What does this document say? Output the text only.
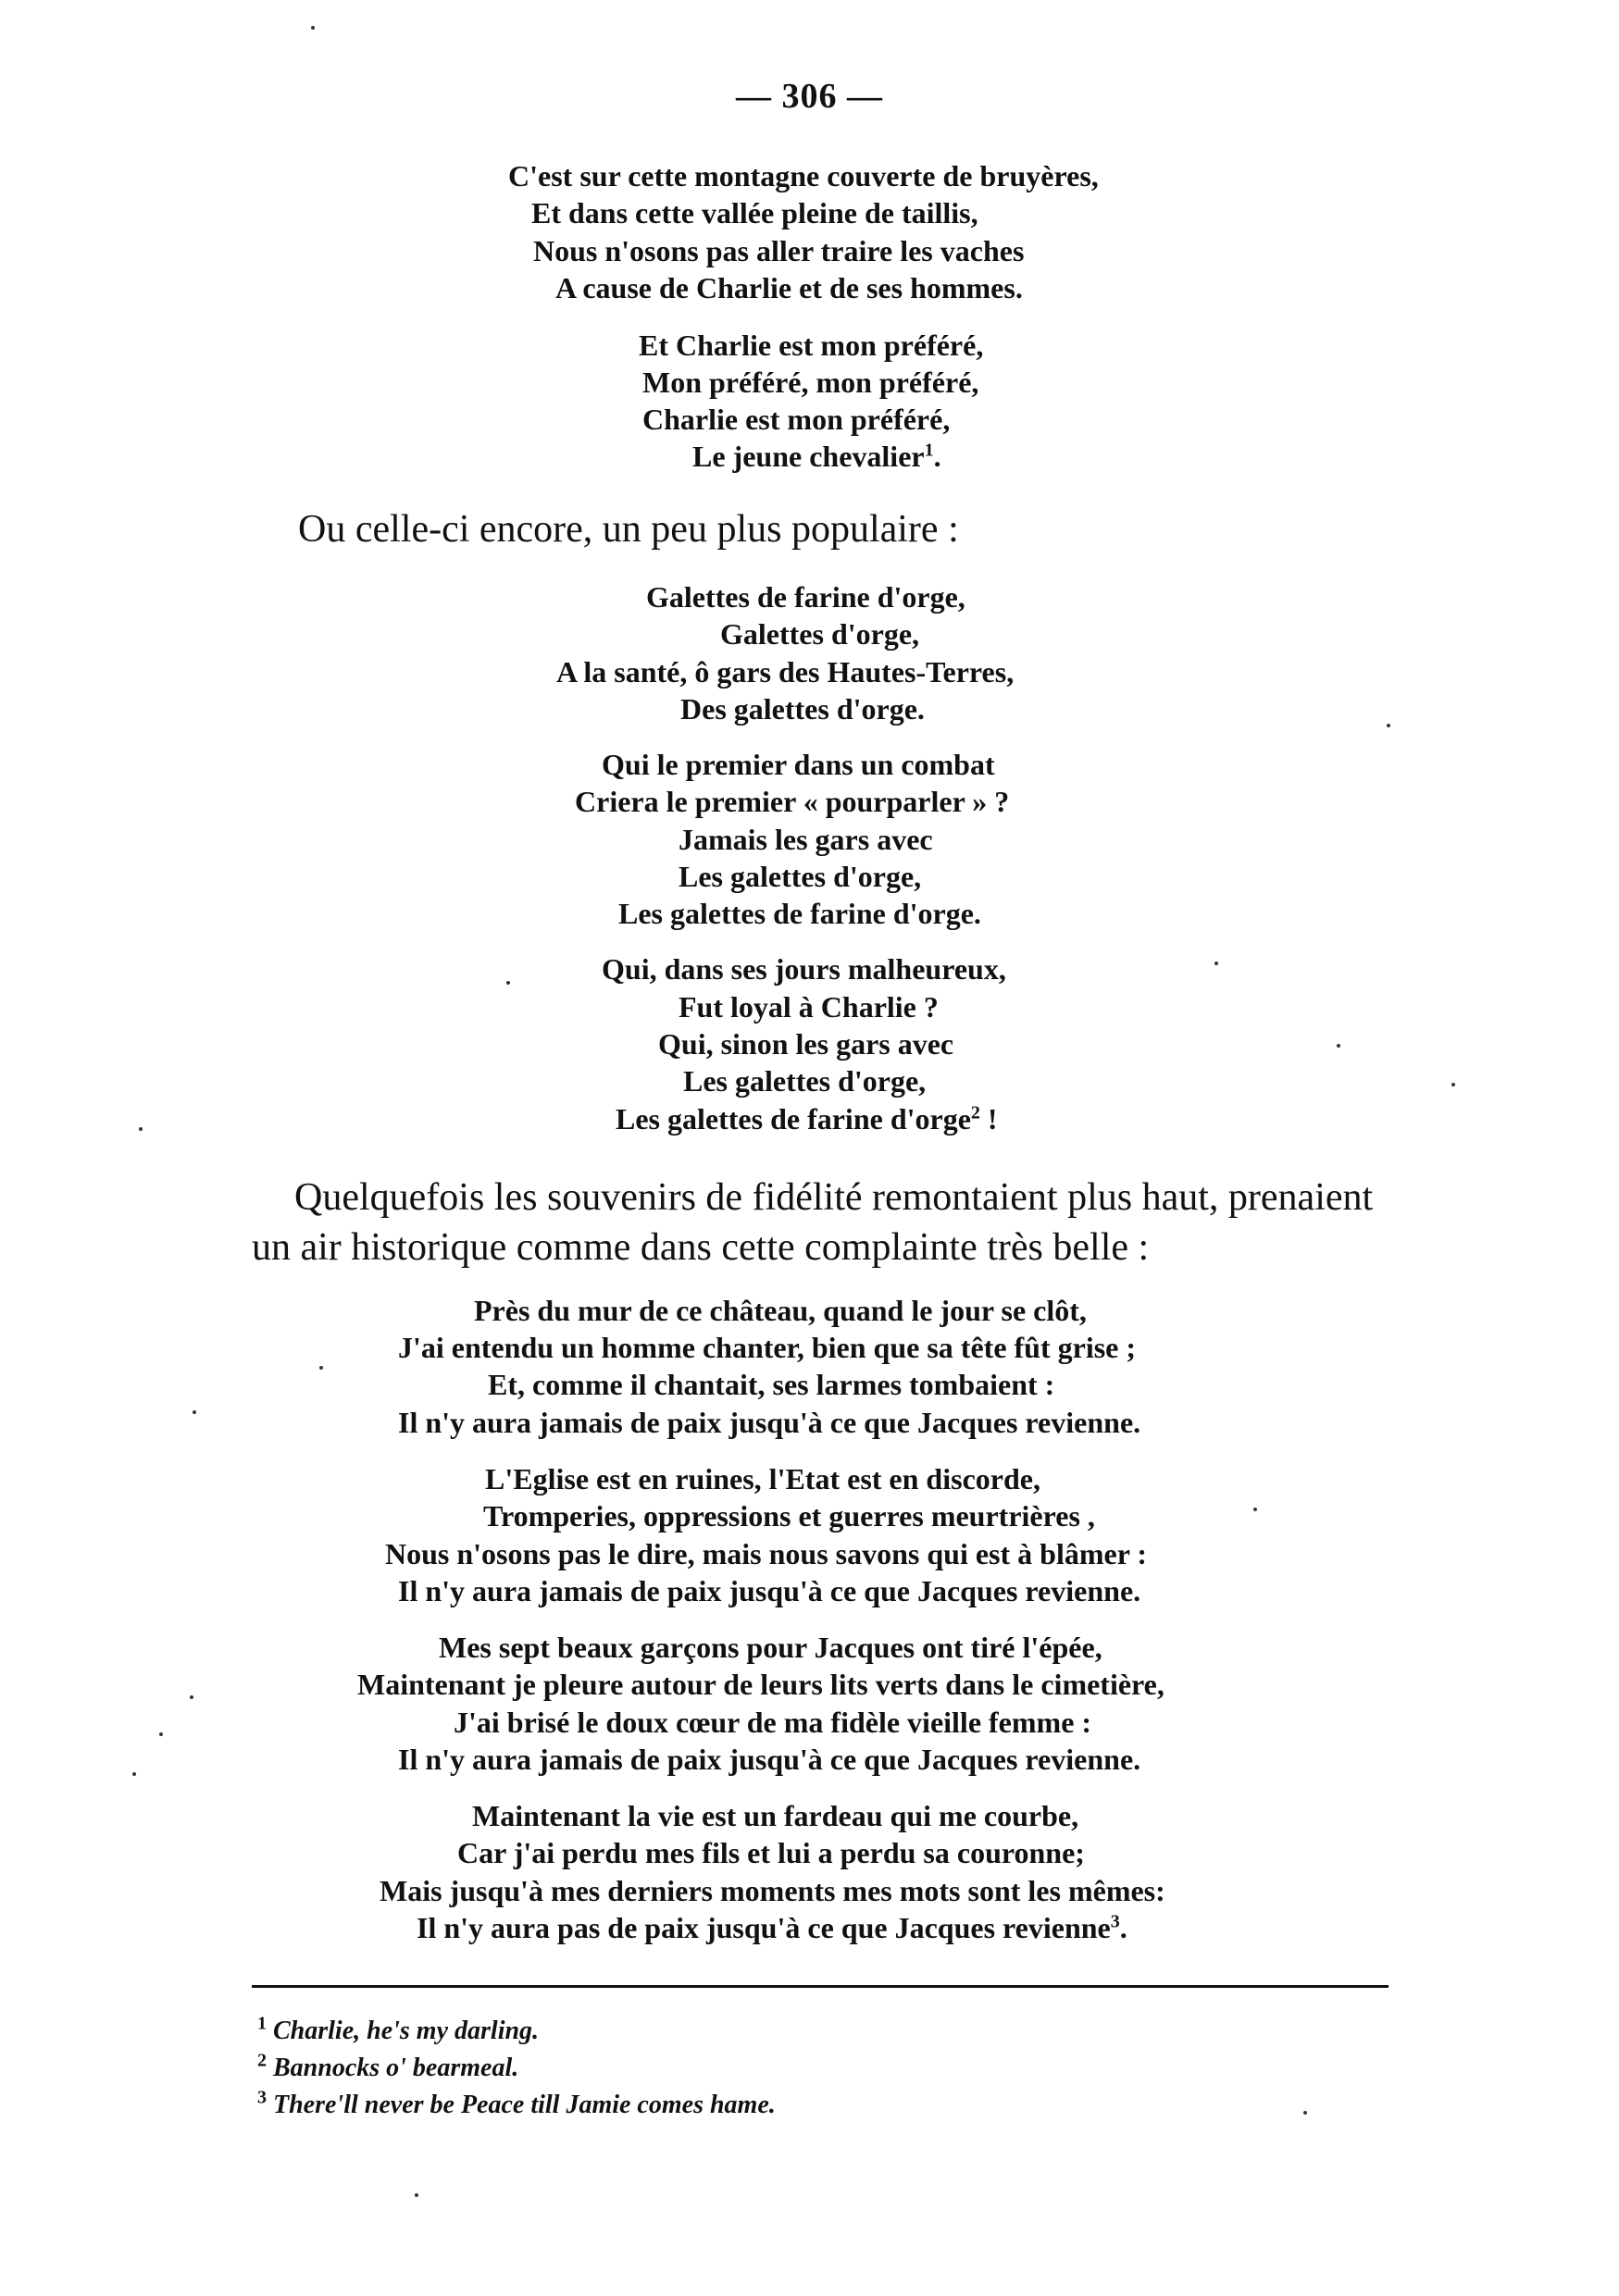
— 306 —
C'est sur cette montagne couverte de bruyères,
Et dans cette vallée pleine de taillis,
Nous n'osons pas aller traire les vaches
A cause de Charlie et de ses hommes.
Et Charlie est mon préféré,
Mon préféré, mon préféré,
Charlie est mon préféré,
Le jeune chevalier$^1$.
Ou celle-ci encore, un peu plus populaire :
Galettes de farine d'orge,
Galettes d'orge,
A la santé, ô gars des Hautes-Terres,
Des galettes d'orge.
Qui le premier dans un combat
Criera le premier « pourparler » ?
Jamais les gars avec
Les galettes d'orge,
Les galettes de farine d'orge.
Qui, dans ses jours malheureux,
Fut loyal à Charlie ?
Qui, sinon les gars avec
Les galettes d'orge,
Les galettes de farine d'orge$^2$ !
Quelquefois les souvenirs de fidélité remontaient plus haut, prenaient
un air historique comme dans cette complainte très belle :
Près du mur de ce château, quand le jour se clôt,
J'ai entendu un homme chanter, bien que sa tête fût grise ;
Et, comme il chantait, ses larmes tombaient :
Il n'y aura jamais de paix jusqu'à ce que Jacques revienne.
L'Eglise est en ruines, l'Etat est en discorde,
Tromperies, oppressions et guerres meurtrières ,
Nous n'osons pas le dire, mais nous savons qui est à blâmer :
Il n'y aura jamais de paix jusqu'à ce que Jacques revienne.
Mes sept beaux garçons pour Jacques ont tiré l'épée,
Maintenant je pleure autour de leurs lits verts dans le cimetière,
J'ai brisé le doux cœur de ma fidèle vieille femme :
Il n'y aura jamais de paix jusqu'à ce que Jacques revienne.
Maintenant la vie est un fardeau qui me courbe,
Car j'ai perdu mes fils et lui a perdu sa couronne;
Mais jusqu'à mes derniers moments mes mots sont les mêmes:
Il n'y aura pas de paix jusqu'à ce que Jacques revienne$^3$.
$^1$ Charlie, he's my darling.
$^2$ Bannocks o' bearmeal.
$^3$ There'll never be Peace till Jamie comes hame.
